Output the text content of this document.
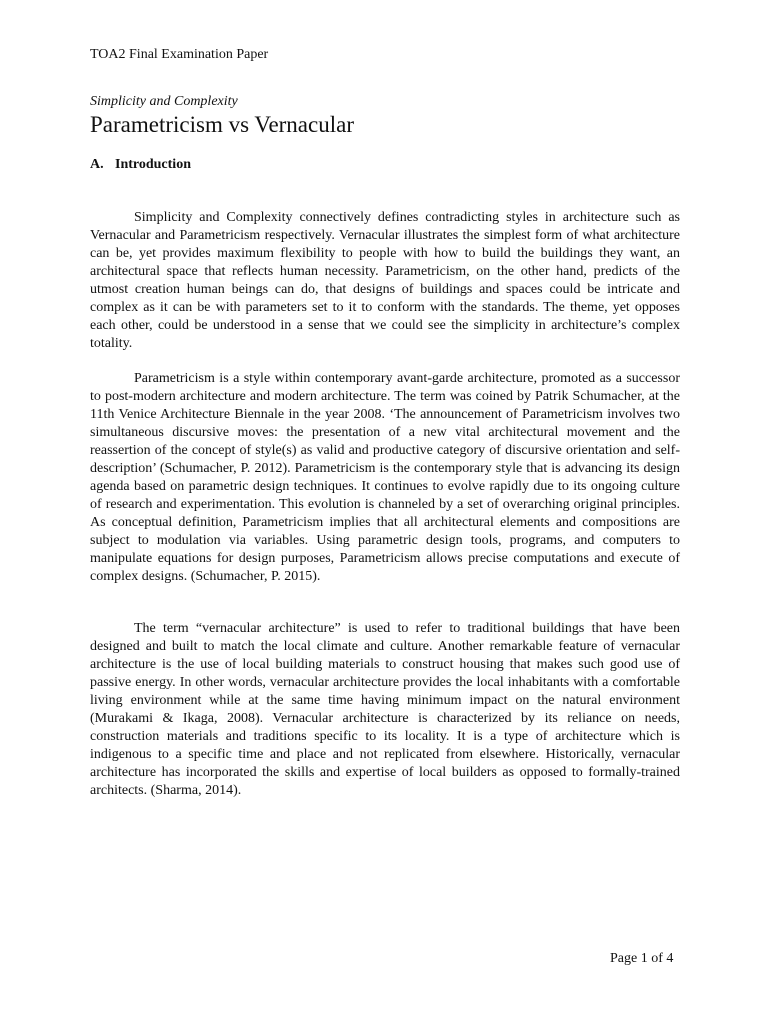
TOA2 Final Examination Paper
Simplicity and Complexity
Parametricism vs Vernacular
A. Introduction

Simplicity and Complexity connectively defines contradicting styles in architecture such as Vernacular and Parametricism respectively. Vernacular illustrates the simplest form of what architecture can be, yet provides maximum flexibility to people with how to build the buildings they want, an architectural space that reflects human necessity. Parametricism, on the other hand, predicts of the utmost creation human beings can do, that designs of buildings and spaces could be intricate and complex as it can be with parameters set to it to conform with the standards. The theme, yet opposes each other, could be understood in a sense that we could see the simplicity in architecture’s complex totality.

Parametricism is a style within contemporary avant-garde architecture, promoted as a successor to post-modern architecture and modern architecture. The term was coined by Patrik Schumacher, at the 11th Venice Architecture Biennale in the year 2008. ‘The announcement of Parametricism involves two simultaneous discursive moves: the presentation of a new vital architectural movement and the reassertion of the concept of style(s) as valid and productive category of discursive orientation and self-description’ (Schumacher, P. 2012). Parametricism is the contemporary style that is advancing its design agenda based on parametric design techniques. It continues to evolve rapidly due to its ongoing culture of research and experimentation. This evolution is channeled by a set of overarching original principles. As conceptual definition, Parametricism implies that all architectural elements and compositions are subject to modulation via variables. Using parametric design tools, programs, and computers to manipulate equations for design purposes, Parametricism allows precise computations and execute of complex designs. (Schumacher, P. 2015).

The term “vernacular architecture” is used to refer to traditional buildings that have been designed and built to match the local climate and culture. Another remarkable feature of vernacular architecture is the use of local building materials to construct housing that makes such good use of passive energy. In other words, vernacular architecture provides the local inhabitants with a comfortable living environment while at the same time having minimum impact on the natural environment (Murakami & Ikaga, 2008). Vernacular architecture is characterized by its reliance on needs, construction materials and traditions specific to its locality. It is a type of architecture which is indigenous to a specific time and place and not replicated from elsewhere. Historically, vernacular architecture has incorporated the skills and expertise of local builders as opposed to formally-trained architects. (Sharma, 2014).

Page 1 of 4
